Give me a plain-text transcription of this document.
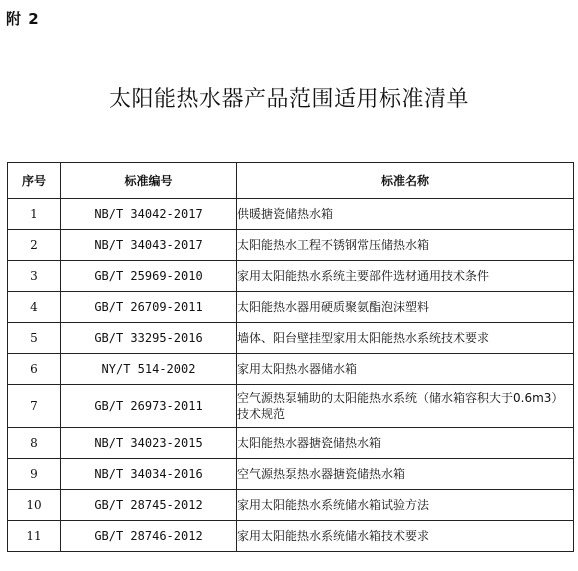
附 2
太阳能热水器产品范围适用标准清单
序号	标准编号	标准名称
1	NB/T 34042-2017	供暖搪瓷储热水箱
2	NB/T 34043-2017	太阳能热水工程不锈钢常压储热水箱
3	GB/T 25969-2010	家用太阳能热水系统主要部件选材通用技术条件
4	GB/T 26709-2011	太阳能热水器用硬质聚氨酯泡沫塑料
5	GB/T 33295-2016	墙体、阳台壁挂型家用太阳能热水系统技术要求
6	NY/T 514-2002	家用太阳热水器储水箱
7	GB/T 26973-2011	空气源热泵辅助的太阳能热水系统（储水箱容积大于0.6m3）技术规范
8	NB/T 34023-2015	太阳能热水器搪瓷储热水箱
9	NB/T 34034-2016	空气源热泵热水器搪瓷储热水箱
10	GB/T 28745-2012	家用太阳能热水系统储水箱试验方法
11	GB/T 28746-2012	家用太阳能热水系统储水箱技术要求
